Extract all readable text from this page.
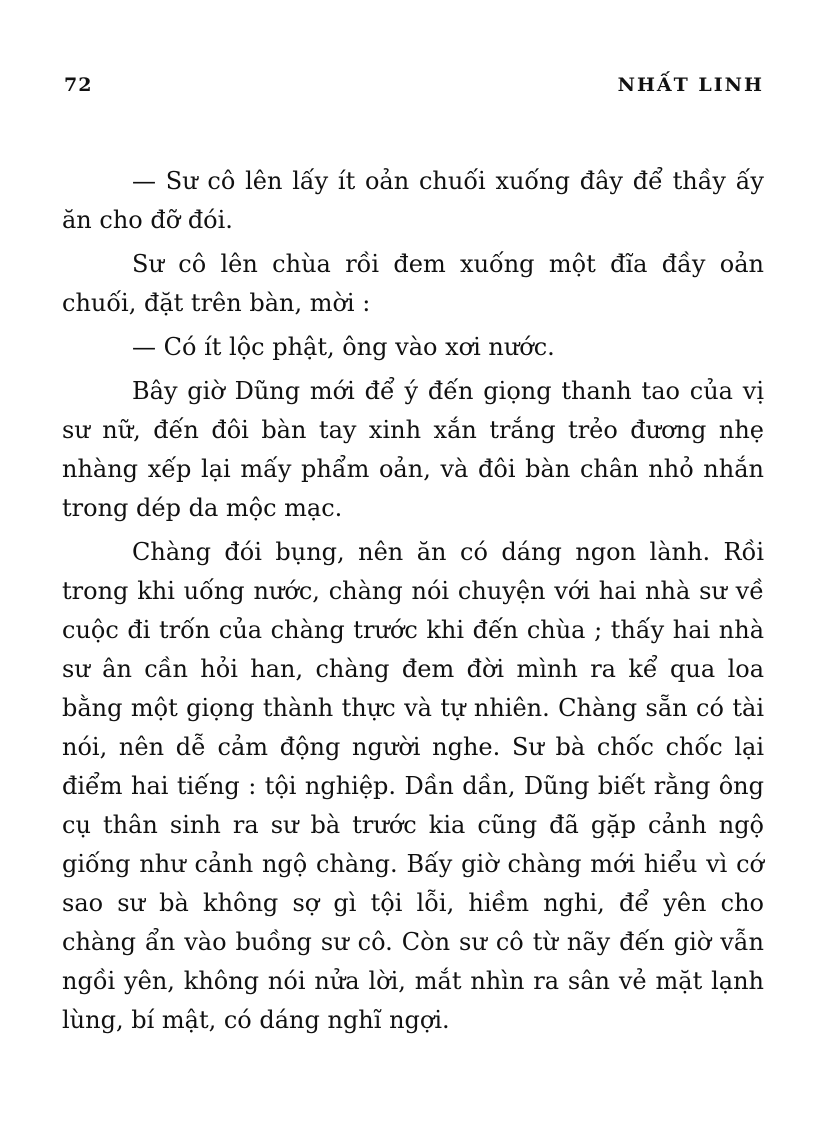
72	NHẤT LINH

— Sư cô lên lấy ít oản chuối xuống đây để thầy ấy ăn cho đỡ đói.

Sư cô lên chùa rồi đem xuống một đĩa đầy oản chuối, đặt trên bàn, mời :

— Có ít lộc phật, ông vào xơi nước.

Bây giờ Dũng mới để ý đến giọng thanh tao của vị sư nữ, đến đôi bàn tay xinh xắn trắng trẻo đương nhẹ nhàng xếp lại mấy phẩm oản, và đôi bàn chân nhỏ nhắn trong dép da mộc mạc.

Chàng đói bụng, nên ăn có dáng ngon lành. Rồi trong khi uống nước, chàng nói chuyện với hai nhà sư về cuộc đi trốn của chàng trước khi đến chùa ; thấy hai nhà sư ân cần hỏi han, chàng đem đời mình ra kể qua loa bằng một giọng thành thực và tự nhiên. Chàng sẵn có tài nói, nên dễ cảm động người nghe. Sư bà chốc chốc lại điểm hai tiếng : tội nghiệp. Dần dần, Dũng biết rằng ông cụ thân sinh ra sư bà trước kia cũng đã gặp cảnh ngộ giống như cảnh ngộ chàng. Bấy giờ chàng mới hiểu vì cớ sao sư bà không sợ gì tội lỗi, hiềm nghi, để yên cho chàng ẩn vào buồng sư cô. Còn sư cô từ nãy đến giờ vẫn ngồi yên, không nói nửa lời, mắt nhìn ra sân vẻ mặt lạnh lùng, bí mật, có dáng nghĩ ngợi.
